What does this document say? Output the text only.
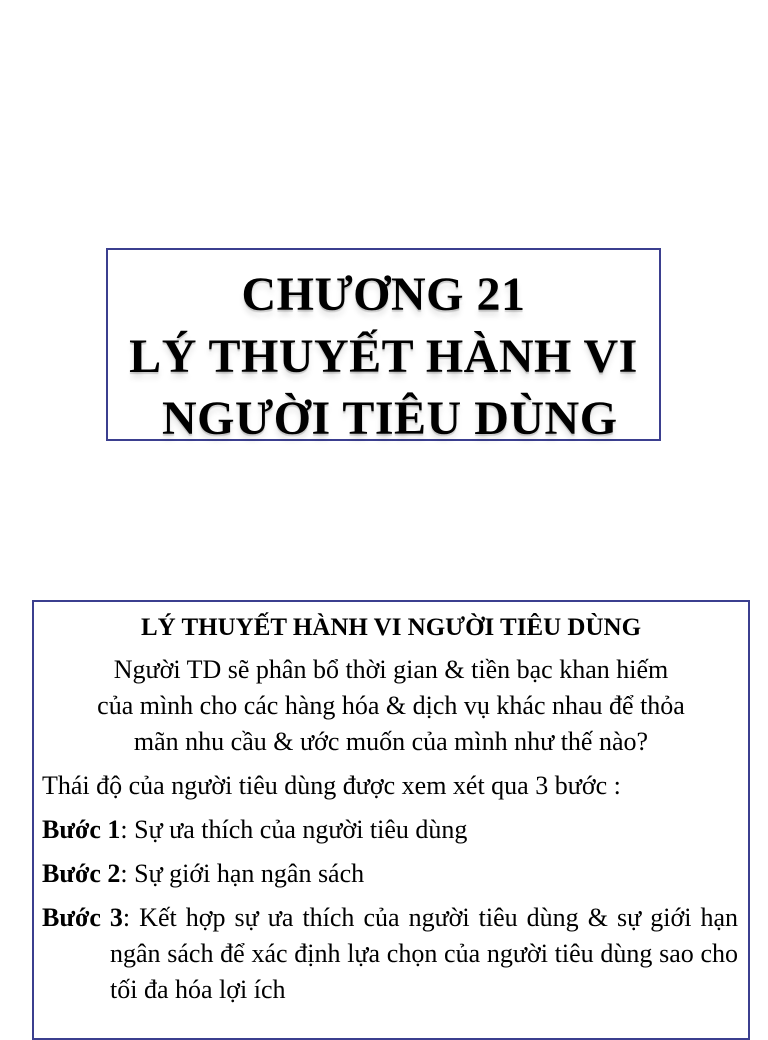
CHƯƠNG 21
LÝ THUYẾT HÀNH VI
NGƯỜI TIÊU DÙNG
LÝ THUYẾT HÀNH VI NGƯỜI TIÊU DÙNG
Người TD sẽ phân bổ thời gian & tiền bạc khan hiếm
của mình cho các hàng hóa & dịch vụ khác nhau để thỏa
mãn nhu cầu & ước muốn của mình như thế nào?
Thái độ của người tiêu dùng được xem xét qua 3 bước :
Bước 1: Sự ưa thích của người tiêu dùng
Bước 2: Sự giới hạn ngân sách
Bước 3: Kết hợp sự ưa thích của người tiêu dùng & sự giới hạn ngân sách để xác định lựa chọn của người tiêu dùng sao cho tối đa hóa lợi ích
